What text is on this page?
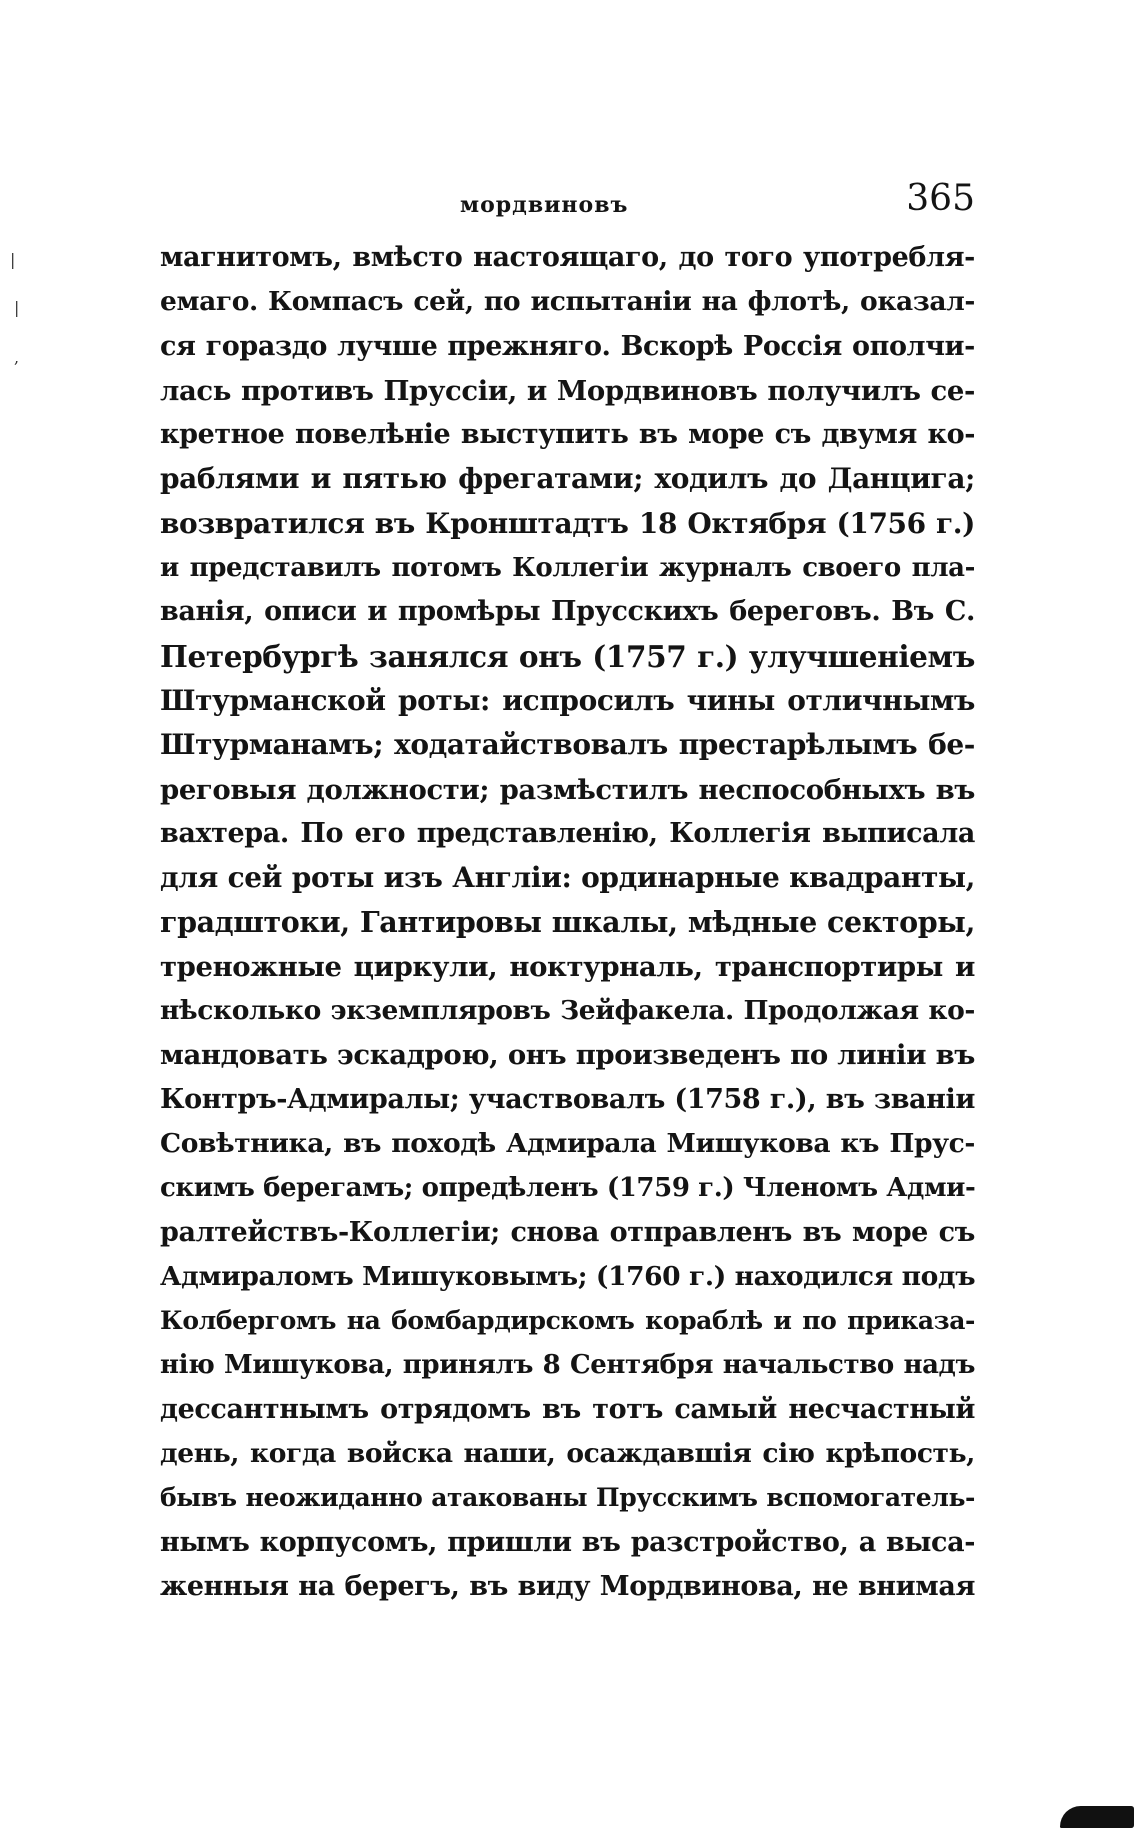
|
|
,
мордвиновъ	365
магнитомъ, вмѣсто настоящаго, до того употребля-
емаго. Компасъ сей, по испытаніи на флотѣ, оказал-
ся гораздо лучше прежняго. Вскорѣ Россія ополчи-
лась противъ Пруссіи, и Мордвиновъ получилъ се-
кретное повелѣніе выступить въ море съ двумя ко-
раблями и пятью фрегатами; ходилъ до Данцига;
возвратился въ Кронштадтъ 18 Октября (1756 г.)
и представилъ потомъ Коллегіи журналъ своего пла-
ванія, описи и промѣры Прусскихъ береговъ. Въ С.
Петербургѣ занялся онъ (1757 г.) улучшеніемъ
Штурманской роты: испросилъ чины отличнымъ
Штурманамъ; ходатайствовалъ престарѣлымъ бе-
реговыя должности; размѣстилъ неспособныхъ въ
вахтера. По его представленію, Коллегія выписала
для сей роты изъ Англіи: ординарные квадранты,
градштоки, Гантировы шкалы, мѣдные секторы,
треножные циркули, ноктурналь, транспортиры и
нѣсколько экземпляровъ Зейфакела. Продолжая ко-
мандовать эскадрою, онъ произведенъ по линіи въ
Контръ-Адмиралы; участвовалъ (1758 г.), въ званіи
Совѣтника, въ походѣ Адмирала Мишукова къ Прус-
скимъ берегамъ; опредѣленъ (1759 г.) Членомъ Адми-
ралтействъ-Коллегіи; снова отправленъ въ море съ
Адмираломъ Мишуковымъ; (1760 г.) находился подъ
Колбергомъ на бомбардирскомъ кораблѣ и по приказа-
нію Мишукова, принялъ 8 Сентября начальство надъ
дессантнымъ отрядомъ въ тотъ самый несчастный
день, когда войска наши, осаждавшія сію крѣпость,
бывъ неожиданно атакованы Прусскимъ вспомогатель-
нымъ корпусомъ, пришли въ разстройство, а высa-
женныя на берегъ, въ виду Мордвинова, не внимая
